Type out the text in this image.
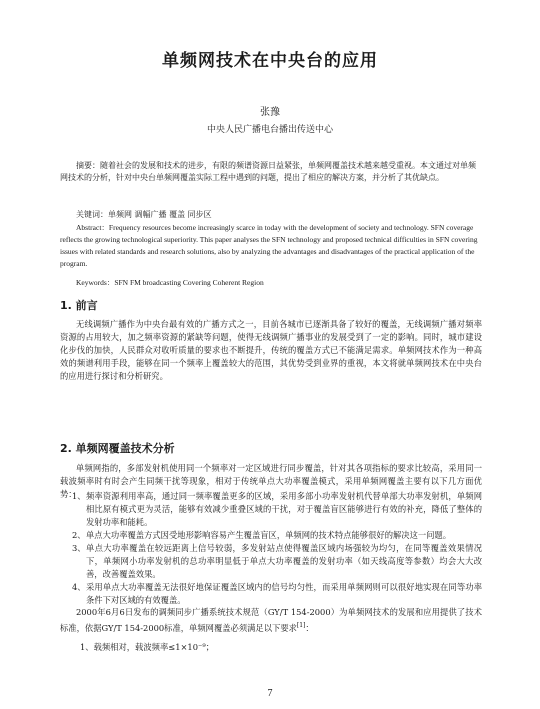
单频网技术在中央台的应用
张豫
中央人民广播电台播出传送中心
摘要：随着社会的发展和技术的进步，有限的频谱资源日益紧张，单频网覆盖技术越来越受重视。本文通过对单频网技术的分析，针对中央台单频网覆盖实际工程中遇到的问题，提出了相应的解决方案，并分析了其优缺点。
关键词：单频网 调幅广播 覆盖 同步区
Abstract：Frequency resources become increasingly scarce in today with the development of society and technology. SFN coverage reflects the growing technological superiority. This paper analyses the SFN technology and proposed technical difficulties in SFN covering issues with related standards and research solutions, also by analyzing the advantages and disadvantages of the practical application of the program.
Keywords：SFN FM broadcasting Covering Coherent Region
1. 前言
无线调频广播作为中央台最有效的广播方式之一，目前各城市已逐渐具备了较好的覆盖，无线调频广播对频率资源的占用较大，加之频率资源的紧缺等问题，使得无线调频广播事业的发展受到了一定的影响。同时，城市建设化步伐的加快，人民群众对收听质量的要求也不断提升，传统的覆盖方式已不能满足需求。单频网技术作为一种高效的频谱利用手段，能够在同一个频率上覆盖较大的范围，其优势受到业界的重视，本文将就单频网技术在中央台的应用进行探讨和分析研究。
2. 单频网覆盖技术分析
单频网指的，多部发射机使用同一个频率对一定区域进行同步覆盖，针对其各项指标的要求比较高，采用同一载波频率时有时会产生同频干扰等现象，相对于传统单点大功率覆盖模式，采用单频网覆盖主要有以下几方面优势：
1、 频率资源利用率高，通过同一频率覆盖更多的区域，采用多部小功率发射机代替单部大功率发射机，单频网相比原有模式更为灵活，能够有效减少重叠区域的干扰，对于覆盖盲区能够进行有效的补充，降低了整体的发射功率和能耗。
2、 单点大功率覆盖方式因受地形影响容易产生覆盖盲区，单频网的技术特点能够很好的解决这一问题。
3、 单点大功率覆盖在较远距离上信号较弱，多发射站点使得覆盖区域内场强较为均匀，在同等覆盖效果情况下，单频网小功率发射机的总功率明显低于单点大功率覆盖的发射功率（如天线高度等参数）均会大大改善，改善覆盖效果。
4、 采用单点大功率覆盖无法很好地保证覆盖区域内的信号均匀性，而采用单频网则可以很好地实现在同等功率条件下对区域的有效覆盖。
2000年6月6日发布的调频同步广播系统技术规范（GY/T 154-2000）为单频网技术的发展和应用提供了技术标准，依据GY/T 154-2000标准，单频网覆盖必须满足以下要求[1]：
1、载频相对，载波频率≤1×10⁻⁹；
7
